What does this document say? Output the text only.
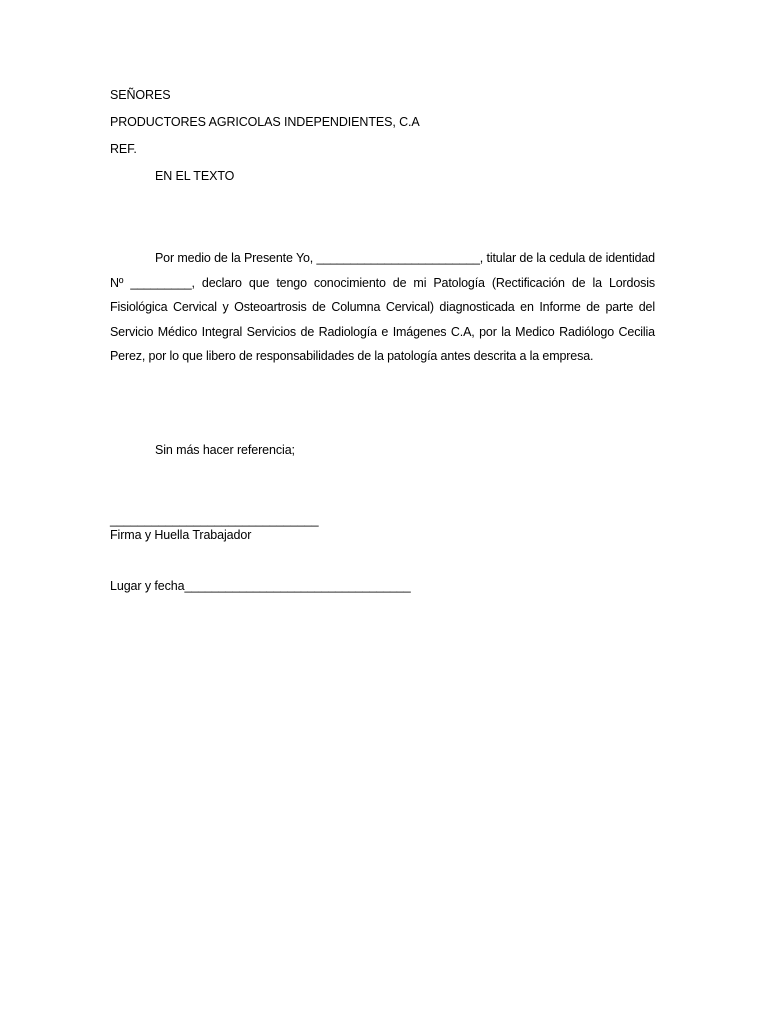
SEÑORES
PRODUCTORES AGRICOLAS INDEPENDIENTES, C.A
REF.
EN EL TEXTO
Por medio de la Presente Yo, ________________________, titular de la cedula de identidad Nº _________, declaro que tengo conocimiento de mi Patología (Rectificación de la Lordosis Fisiológica Cervical y Osteoartrosis de Columna Cervical) diagnosticada en Informe de parte del Servicio Médico Integral Servicios de Radiología e Imágenes C.A, por la Medico Radiólogo Cecilia Perez, por lo que libero de responsabilidades de la patología antes descrita a la empresa.
Sin más hacer referencia;
______________________________
Firma y Huella Trabajador
Lugar y fecha_________________________________
